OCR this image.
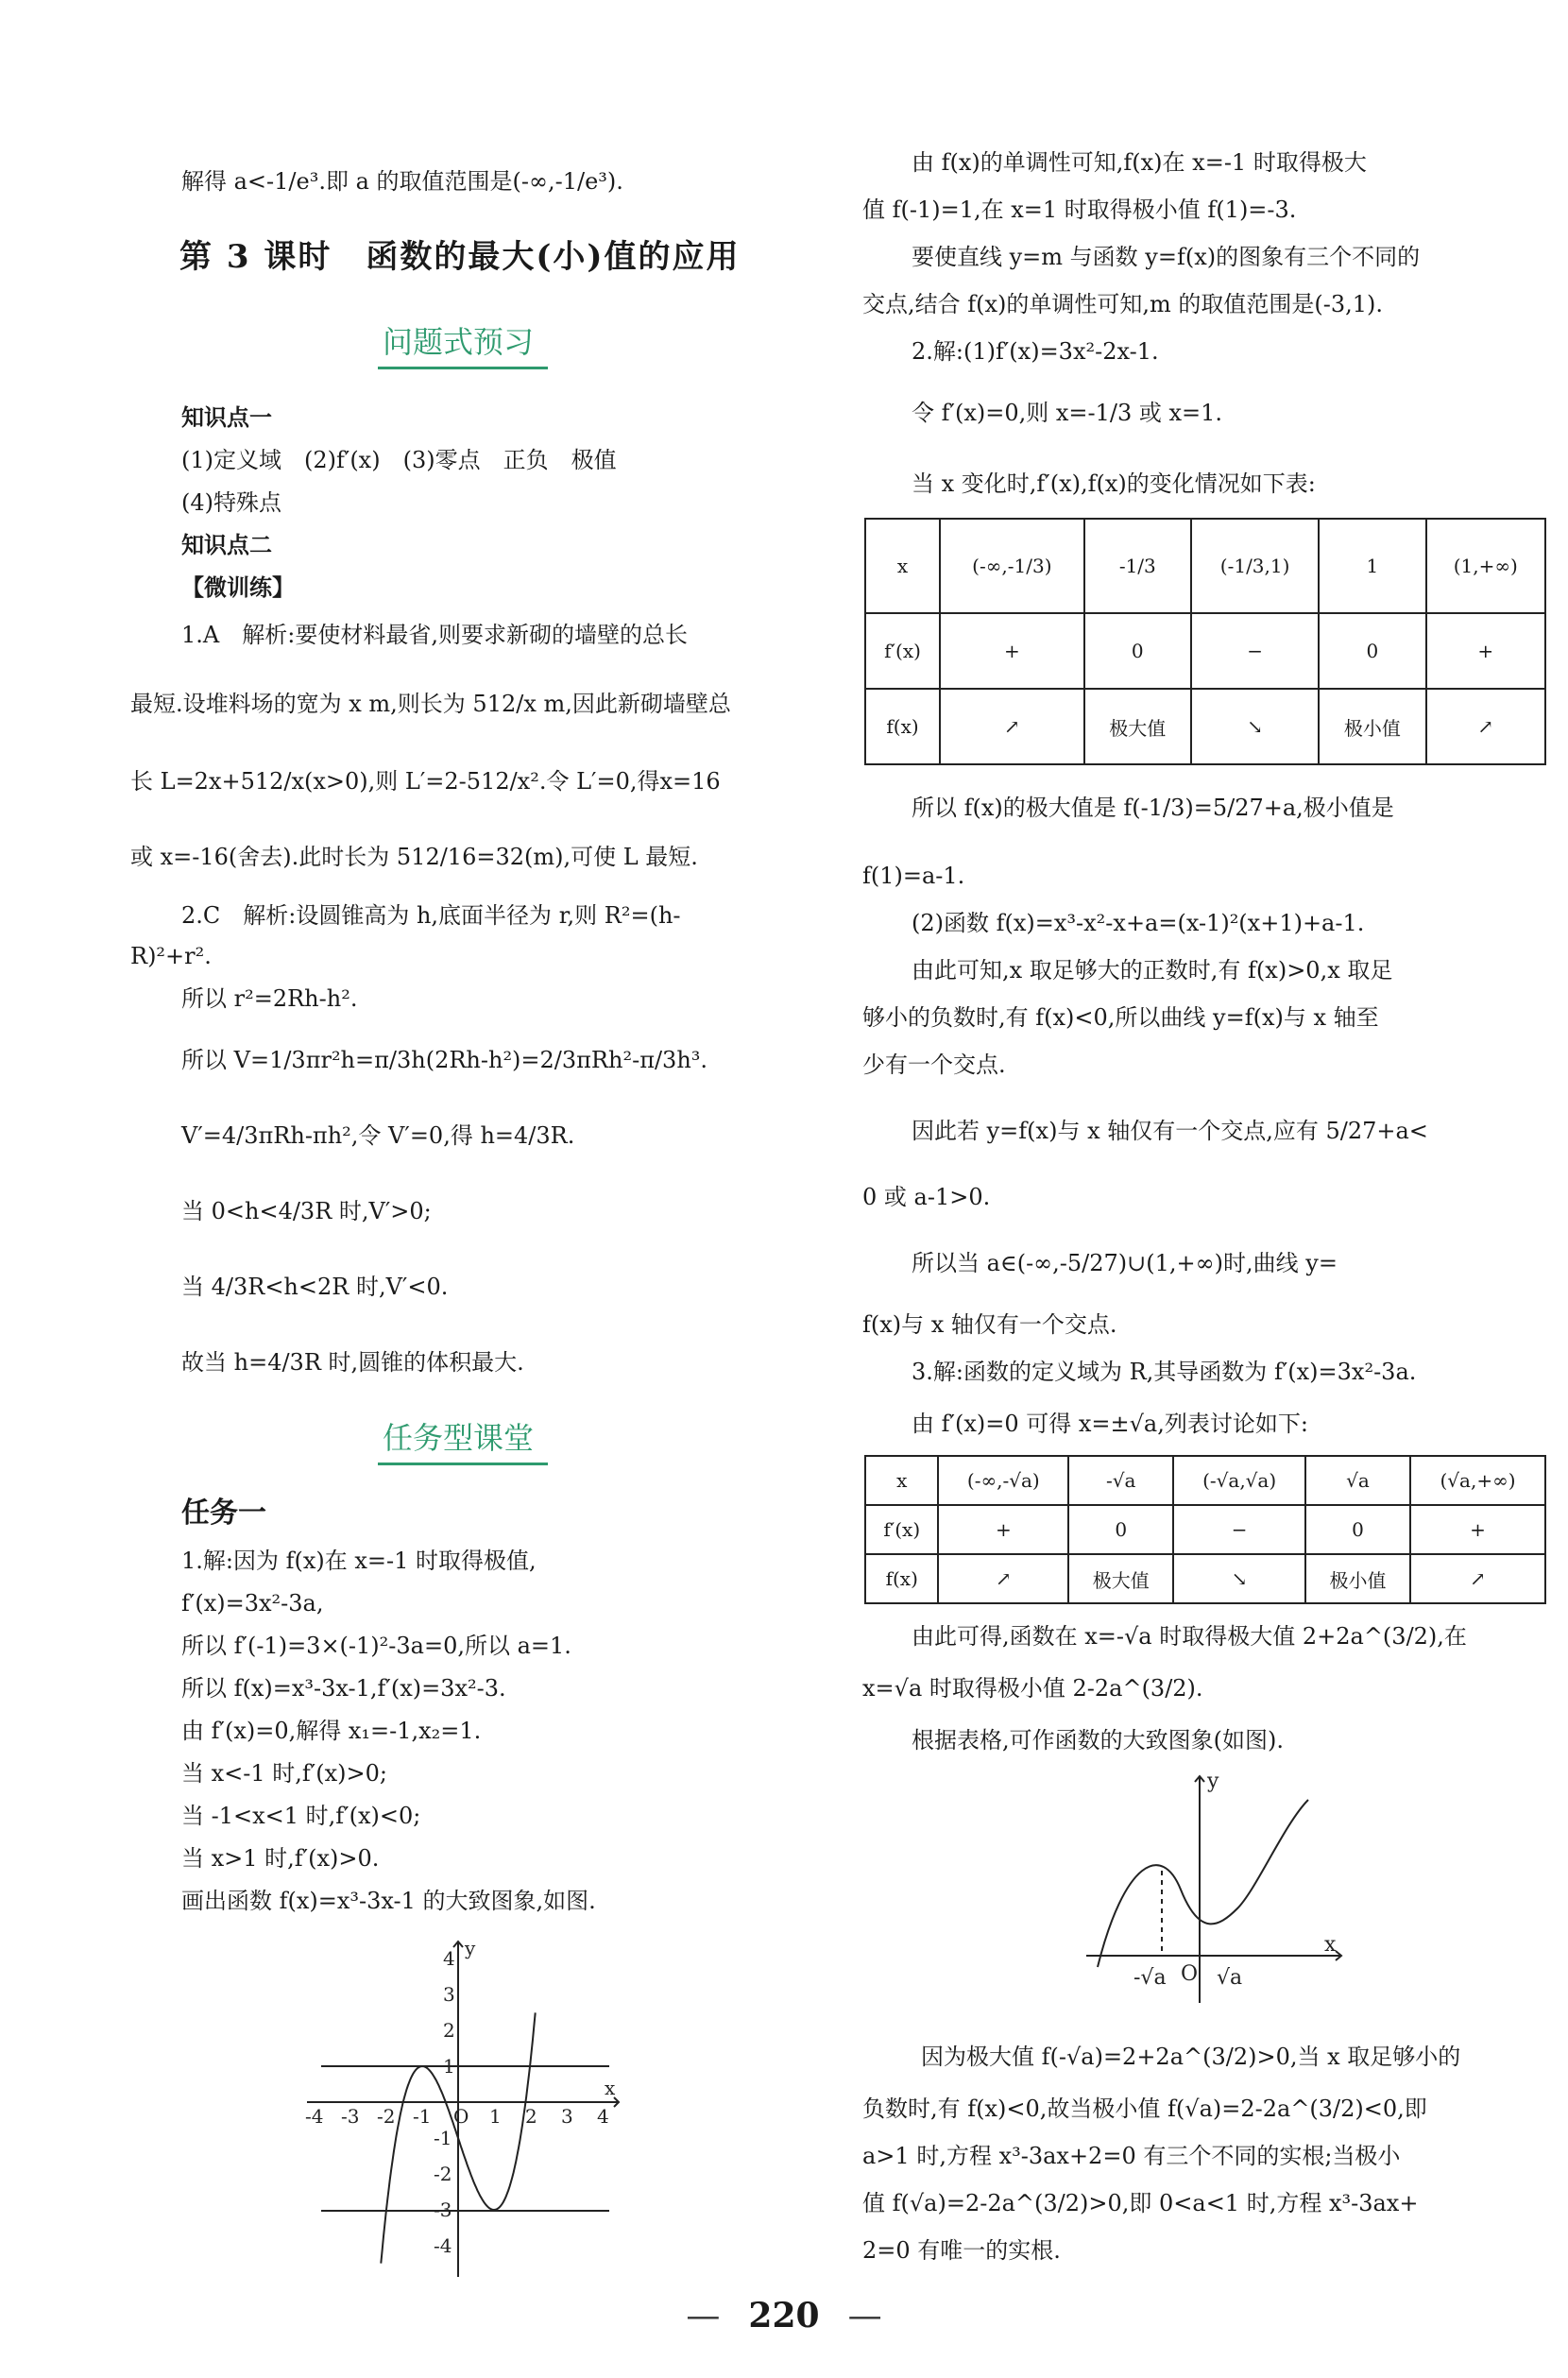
解得 a<-1/e³.即 a 的取值范围是(-∞,-1/e³).
第 3 课时　函数的最大(小)值的应用
问题式预习
知识点一
(1)定义域　(2)f′(x)　(3)零点　正负　极值
(4)特殊点
知识点二
【微训练】
1.A　解析:要使材料最省,则要求新砌的墙壁的总长
最短.设堆料场的宽为 x m,则长为 512/x m,因此新砌墙壁总
长 L=2x+512/x(x>0),则 L′=2-512/x².令 L′=0,得x=16
或 x=-16(舍去).此时长为 512/16=32(m),可使 L 最短.
2.C　解析:设圆锥高为 h,底面半径为 r,则 R²=(h-
R)²+r².
所以 r²=2Rh-h².
所以 V=1/3πr²h=π/3h(2Rh-h²)=2/3πRh²-π/3h³.
V′=4/3πRh-πh²,令 V′=0,得 h=4/3R.
当 0<h<4/3R 时,V′>0;
当 4/3R<h<2R 时,V′<0.
故当 h=4/3R 时,圆锥的体积最大.
任务型课堂
任务一
1.解:因为 f(x)在 x=-1 时取得极值,
f′(x)=3x²-3a,
所以 f′(-1)=3×(-1)²-3a=0,所以 a=1.
所以 f(x)=x³-3x-1,f′(x)=3x²-3.
由 f′(x)=0,解得 x₁=-1,x₂=1.
当 x<-1 时,f′(x)>0;
当 -1<x<1 时,f′(x)<0;
当 x>1 时,f′(x)>0.
画出函数 f(x)=x³-3x-1 的大致图象,如图.
-4 -3 -2 -1 O 1 2 3 4
4
3
2
1
-1
-2
-3
-4
x
y
由 f(x)的单调性可知,f(x)在 x=-1 时取得极大
值 f(-1)=1,在 x=1 时取得极小值 f(1)=-3.
要使直线 y=m 与函数 y=f(x)的图象有三个不同的
交点,结合 f(x)的单调性可知,m 的取值范围是(-3,1).
2.解:(1)f′(x)=3x²-2x-1.
令 f′(x)=0,则 x=-1/3 或 x=1.
当 x 变化时,f′(x),f(x)的变化情况如下表:
x	(-∞,-1/3)	-1/3	(-1/3,1)	1	(1,+∞)
f′(x)	+	0	−	0	+
f(x)	↗	极大值	↘	极小值	↗
所以 f(x)的极大值是 f(-1/3)=5/27+a,极小值是
f(1)=a-1.
(2)函数 f(x)=x³-x²-x+a=(x-1)²(x+1)+a-1.
由此可知,x 取足够大的正数时,有 f(x)>0,x 取足
够小的负数时,有 f(x)<0,所以曲线 y=f(x)与 x 轴至
少有一个交点.
因此若 y=f(x)与 x 轴仅有一个交点,应有 5/27+a<
0 或 a-1>0.
所以当 a∈(-∞,-5/27)∪(1,+∞)时,曲线 y=
f(x)与 x 轴仅有一个交点.
3.解:函数的定义域为 R,其导函数为 f′(x)=3x²-3a.
由 f′(x)=0 可得 x=±√a,列表讨论如下:
x	(-∞,-√a)	-√a	(-√a,√a)	√a	(√a,+∞)
f′(x)	+	0	−	0	+
f(x)	↗	极大值	↘	极小值	↗
由此可得,函数在 x=-√a 时取得极大值 2+2a^(3/2),在
x=√a 时取得极小值 2-2a^(3/2).
根据表格,可作函数的大致图象(如图).
因为极大值 f(-√a)=2+2a^(3/2)>0,当 x 取足够小的
负数时,有 f(x)<0,故当极小值 f(√a)=2-2a^(3/2)<0,即
a>1 时,方程 x³-3ax+2=0 有三个不同的实根;当极小
值 f(√a)=2-2a^(3/2)>0,即 0<a<1 时,方程 x³-3ax+
2=0 有唯一的实根.
-√a O √a
x
y
— 220 —
